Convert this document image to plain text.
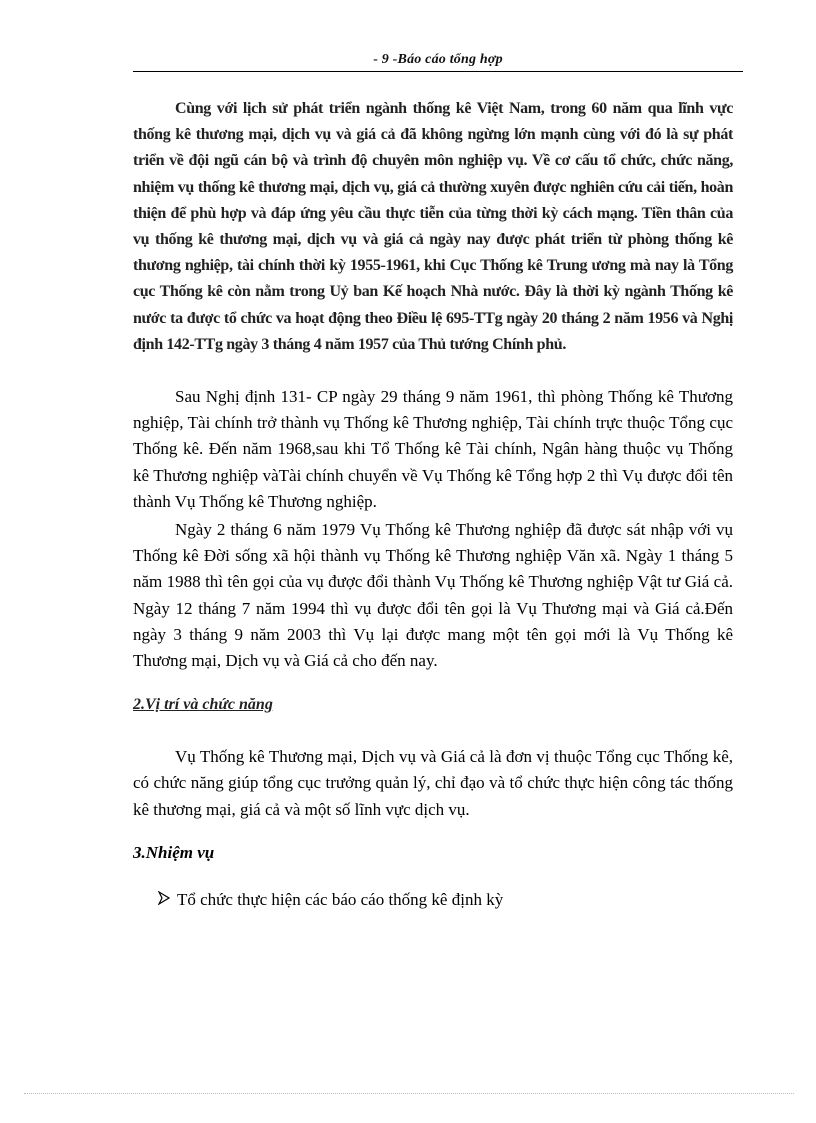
- 9 -Báo cáo tổng hợp

Cùng với lịch sử phát triển ngành thống kê Việt Nam, trong 60 năm qua lĩnh vực thống kê thương mại, dịch vụ và giá cả đã không ngừng lớn mạnh cùng với đó là sự phát triển về đội ngũ cán bộ và trình độ chuyên môn nghiệp vụ. Về cơ cấu tổ chức, chức năng, nhiệm vụ thống kê thương mại, dịch vụ, giá cả thường xuyên được nghiên cứu cải tiến, hoàn thiện để phù hợp và đáp ứng yêu cầu thực tiễn của từng thời kỳ cách mạng. Tiền thân của vụ thống kê thương mại, dịch vụ và giá cả ngày nay được phát triển từ phòng thống kê thương nghiệp, tài chính thời kỳ 1955-1961, khi Cục Thống kê Trung ương mà nay là Tổng cục Thống kê còn nằm trong Uỷ ban Kế hoạch Nhà nước. Đây là thời kỳ ngành Thống kê nước ta được tổ chức va hoạt động theo Điều lệ 695-TTg ngày 20 tháng 2 năm 1956 và Nghị định 142-TTg ngày 3 tháng 4 năm 1957 của Thủ tướng Chính phủ.

Sau Nghị định 131- CP ngày 29 tháng 9 năm 1961, thì phòng Thống kê Thương nghiệp, Tài chính trở thành vụ Thống kê Thương nghiệp, Tài chính trực thuộc Tổng cục Thống kê. Đến năm 1968,sau khi Tổ Thống kê Tài chính, Ngân hàng thuộc vụ Thống kê Thương nghiệp vàTài chính chuyển về Vụ Thống kê Tổng hợp 2 thì Vụ được đổi tên thành Vụ Thống kê Thương nghiệp.

Ngày 2 tháng 6 năm 1979 Vụ Thống kê Thương nghiệp đã được sát nhập với vụ Thống kê Đời sống xã hội thành vụ Thống kê Thương nghiệp Văn xã. Ngày 1 tháng 5 năm 1988 thì tên gọi của vụ được đổi thành Vụ Thống kê Thương nghiệp Vật tư Giá cả. Ngày 12 tháng 7 năm 1994 thì vụ được đổi tên gọi là Vụ Thương mại và Giá cả.Đến ngày 3 tháng 9 năm 2003 thì Vụ lại được mang một tên gọi mới là Vụ Thống kê Thương mại, Dịch vụ và Giá cả cho đến nay.

2.Vị trí và chức năng

Vụ Thống kê Thương mại, Dịch vụ và Giá cả là đơn vị thuộc Tổng cục Thống kê, có chức năng giúp tổng cục trưởng quản lý, chỉ đạo và tổ chức thực hiện công tác thống kê thương mại, giá cả và một số lĩnh vực dịch vụ.

3.Nhiệm vụ

Tổ chức thực hiện các báo cáo thống kê định kỳ
